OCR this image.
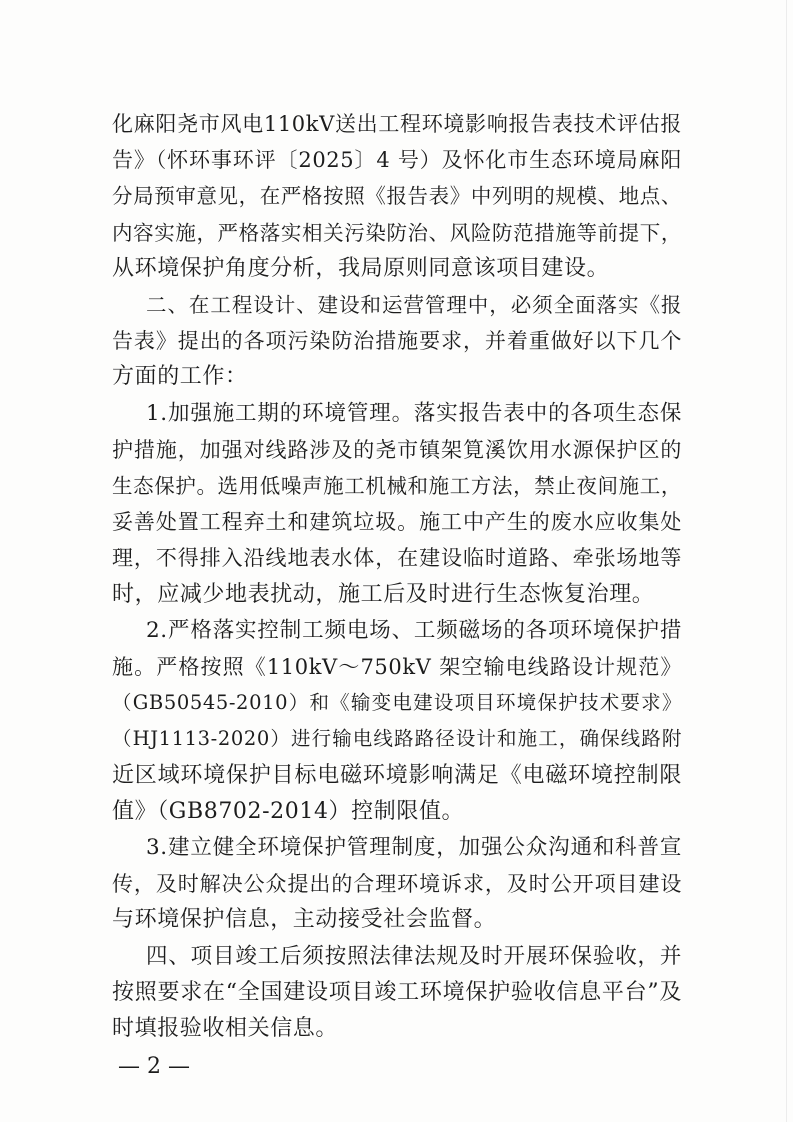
化麻阳尧市风电110kV送出工程环境影响报告表技术评估报

告》（怀环事环评〔2025〕4 号）及怀化市生态环境局麻阳

分局预审意见，在严格按照《报告表》中列明的规模、地点、

内容实施，严格落实相关污染防治、风险防范措施等前提下，

从环境保护角度分析，我局原则同意该项目建设。

二、在工程设计、建设和运营管理中，必须全面落实《报

告表》提出的各项污染防治措施要求，并着重做好以下几个

方面的工作：

1.加强施工期的环境管理。落实报告表中的各项生态保

护措施，加强对线路涉及的尧市镇架筧溪饮用水源保护区的

生态保护。选用低噪声施工机械和施工方法，禁止夜间施工，

妥善处置工程弃土和建筑垃圾。施工中产生的废水应收集处

理，不得排入沿线地表水体，在建设临时道路、牵张场地等

时，应减少地表扰动，施工后及时进行生态恢复治理。

2.严格落实控制工频电场、工频磁场的各项环境保护措

施。严格按照《110kV～750kV 架空输电线路设计规范》

（GB50545-2010）和《输变电建设项目环境保护技术要求》

（HJ1113-2020）进行输电线路路径设计和施工，确保线路附

近区域环境保护目标电磁环境影响满足《电磁环境控制限

值》（GB8702-2014）控制限值。

3.建立健全环境保护管理制度，加强公众沟通和科普宣

传，及时解决公众提出的合理环境诉求，及时公开项目建设

与环境保护信息，主动接受社会监督。

四、项目竣工后须按照法律法规及时开展环保验收，并

按照要求在“全国建设项目竣工环境保护验收信息平台”及

时填报验收相关信息。

— 2 —
